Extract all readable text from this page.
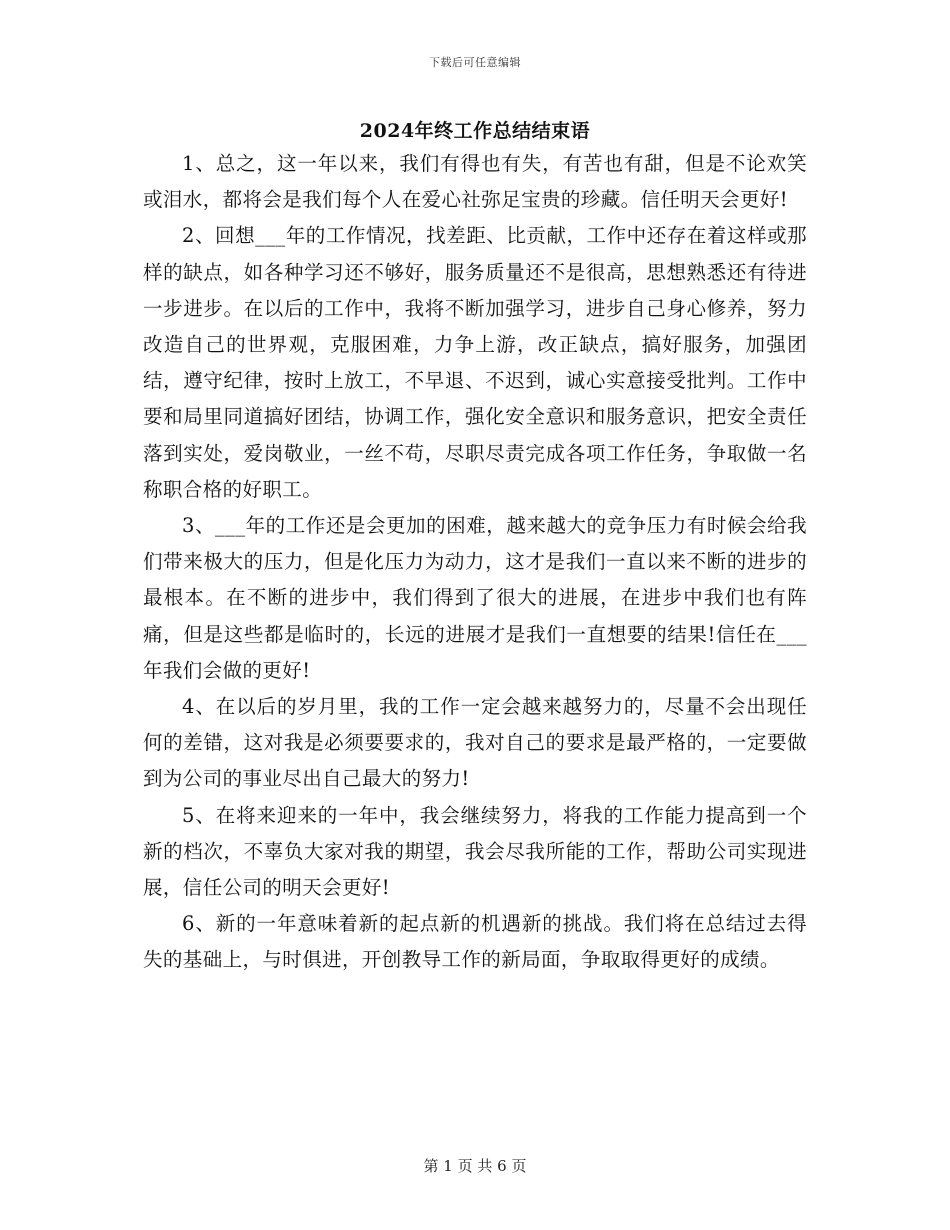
下载后可任意编辑
2024年终工作总结结束语

1、总之，这一年以来，我们有得也有失，有苦也有甜，但是不论欢笑或泪水，都将会是我们每个人在爱心社弥足宝贵的珍藏。信任明天会更好!

2、回想___年的工作情况，找差距、比贡献，工作中还存在着这样或那样的缺点，如各种学习还不够好，服务质量还不是很高，思想熟悉还有待进一步进步。在以后的工作中，我将不断加强学习，进步自己身心修养，努力改造自己的世界观，克服困难，力争上游，改正缺点，搞好服务，加强团结，遵守纪律，按时上放工，不早退、不迟到，诚心实意接受批判。工作中要和局里同道搞好团结，协调工作，强化安全意识和服务意识，把安全责任落到实处，爱岗敬业，一丝不苟，尽职尽责完成各项工作任务，争取做一名称职合格的好职工。

3、___年的工作还是会更加的困难，越来越大的竞争压力有时候会给我们带来极大的压力，但是化压力为动力，这才是我们一直以来不断的进步的最根本。在不断的进步中，我们得到了很大的进展，在进步中我们也有阵痛，但是这些都是临时的，长远的进展才是我们一直想要的结果!信任在___年我们会做的更好!

4、在以后的岁月里，我的工作一定会越来越努力的，尽量不会出现任何的差错，这对我是必须要要求的，我对自己的要求是最严格的，一定要做到为公司的事业尽出自己最大的努力!

5、在将来迎来的一年中，我会继续努力，将我的工作能力提高到一个新的档次，不辜负大家对我的期望，我会尽我所能的工作，帮助公司实现进展，信任公司的明天会更好!

6、新的一年意味着新的起点新的机遇新的挑战。我们将在总结过去得失的基础上，与时俱进，开创教导工作的新局面，争取取得更好的成绩。

第 1 页 共 6 页
